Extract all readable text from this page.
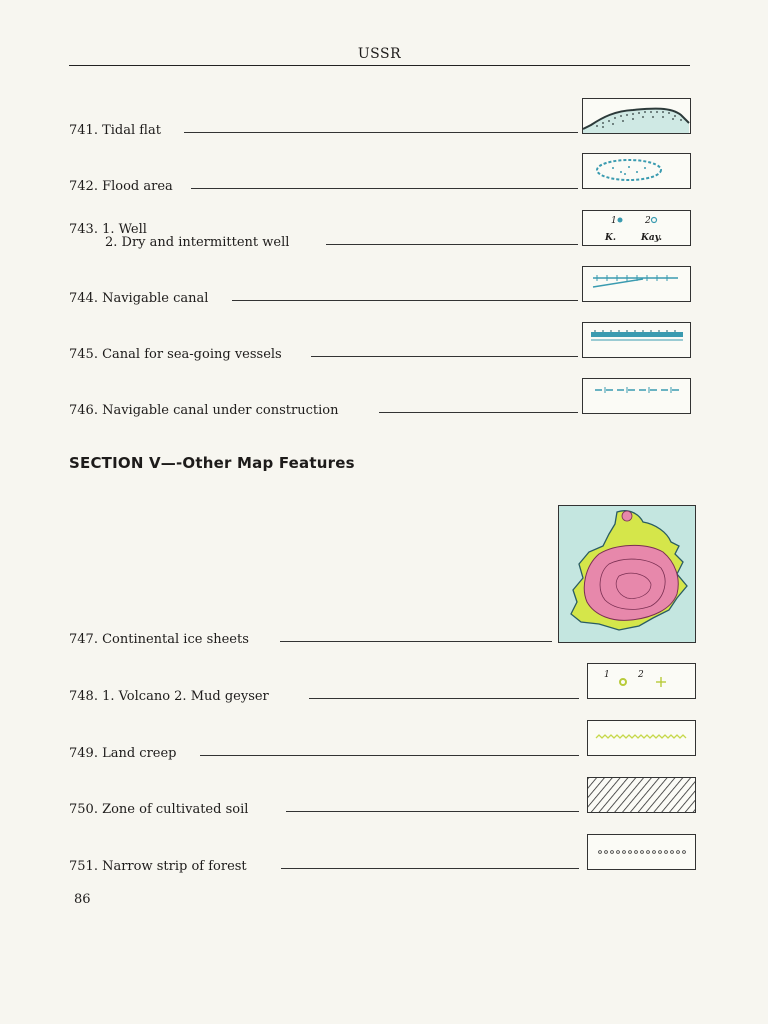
USSR
741. Tidal flat
742. Flood area
743. 1. Well
2. Dry and intermittent well
1	2
K.	Kay.
744. Navigable canal
745. Canal for sea-going vessels
746. Navigable canal under construction
SECTION V—-Other Map Features
747. Continental ice sheets
748. 1. Volcano 2. Mud geyser
1	2
749. Land creep
750. Zone of cultivated soil
751. Narrow strip of forest
86
